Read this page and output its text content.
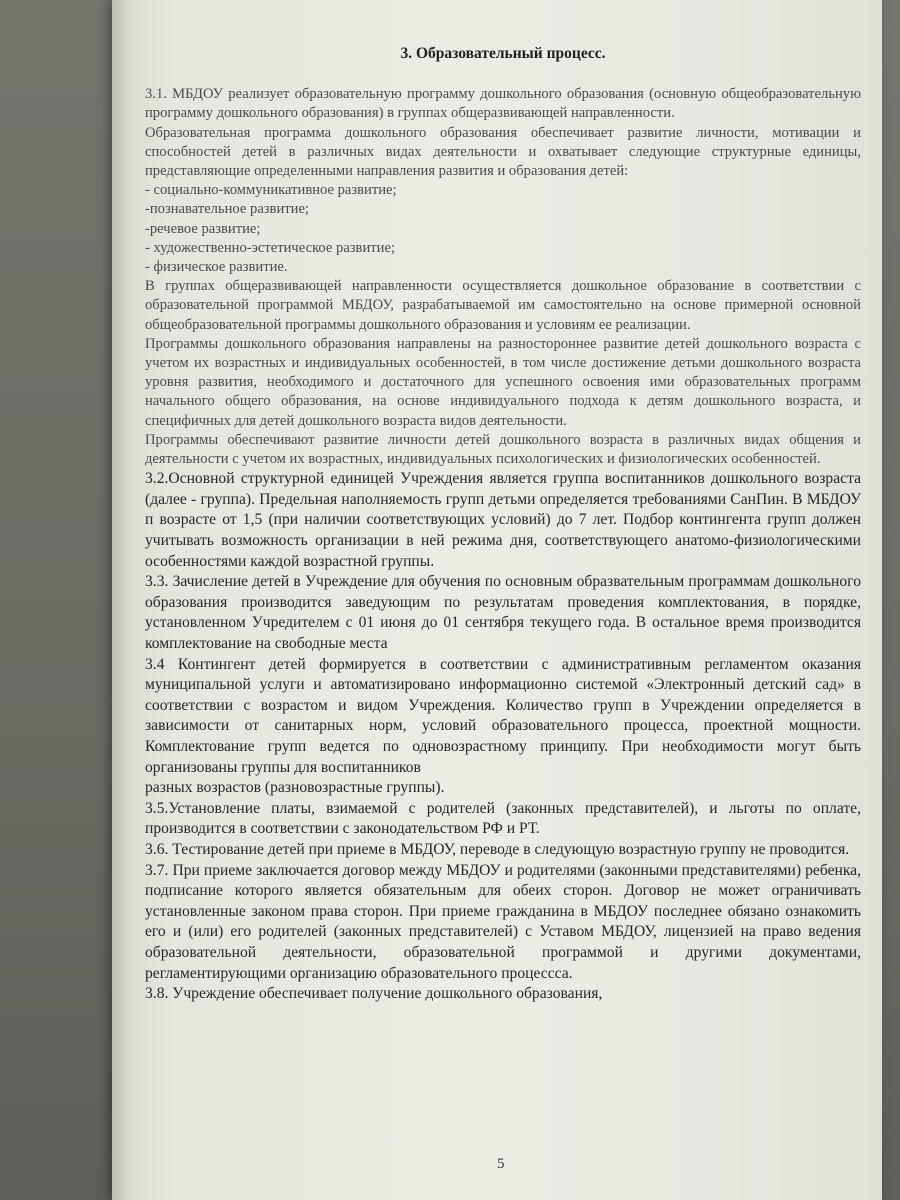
3. Образовательный процесс.

3.1. МБДОУ реализует образовательную программу дошкольного образования (основную общеобразовательную программу дошкольного образования) в группах общеразвивающей направленности.

Образовательная программа дошкольного образования обеспечивает развитие личности, мотивации и способностей детей в различных видах деятельности и охватывает следующие структурные единицы, представляющие определенными направления развития и образования детей:

- социально-коммуникативное развитие;
-познавательное развитие;
-речевое развитие;
- художественно-эстетическое развитие;
- физическое развитие.

В группах общеразвивающей направленности осуществляется дошкольное образование в соответствии с образовательной программой МБДОУ, разрабатываемой им самостоятельно на основе примерной основной общеобразовательной программы дошкольного образования и условиям ее реализации.

Программы дошкольного образования направлены на разностороннее развитие детей дошкольного возраста с учетом их возрастных и индивидуальных особенностей, в том числе достижение детьми дошкольного возраста уровня развития, необходимого и достаточного для успешного освоения ими образовательных программ начального общего образования, на основе индивидуального подхода к детям дошкольного возраста, и специфичных для детей дошкольного возраста видов деятельности.

Программы обеспечивают развитие личности детей дошкольного возраста в различных видах общения и деятельности с учетом их возрастных, индивидуальных психологических и физиологических особенностей.

3.2.Основной структурной единицей Учреждения является группа воспитанников дошкольного возраста (далее - группа). Предельная наполняемость групп детьми определяется требованиями СанПин. В МБДОУ п возрасте от 1,5 (при наличии соответствующих условий) до 7 лет. Подбор контингента групп должен учитывать возможность организации в ней режима дня, соответствующего анатомо-физиологическими особенностями каждой возрастной группы.

3.3. Зачисление детей в Учреждение для обучения по основным образвательным программам дошкольного образования производится заведующим по результатам проведения комплектования, в порядке, установленном Учредителем с 01 июня до 01 сентября текущего года. В остальное время производится комплектование на свободные места

3.4 Контингент детей формируется в соответствии с административным регламентом оказания муниципальной услуги и автоматизировано информационно системой «Электронный детский сад» в соответствии с возрастом и видом Учреждения. Количество групп в Учреждении определяется в зависимости от санитарных норм, условий образовательного процесса, проектной мощности. Комплектование групп ведется по одновозрастному принципу. При необходимости могут быть организованы группы для воспитанников

разных возрастов (разновозрастные группы).

3.5.Установление платы, взимаемой с родителей (законных представителей), и льготы по оплате, производится в соответствии с законодательством РФ и РТ.

3.6. Тестирование детей при приеме в МБДОУ, переводе в следующую возрастную группу не проводится.

3.7. При приеме заключается договор между МБДОУ и родителями (законными представителями) ребенка, подписание которого является обязательным для обеих сторон. Договор не может ограничивать установленные законом права сторон. При приеме гражданина в МБДОУ последнее обязано ознакомить его и (или) его родителей (законных представителей) с Уставом МБДОУ, лицензией на право ведения образовательной деятельности, образовательной программой и другими документами, регламентирующими организацию образовательного процессса.

3.8. Учреждение обеспечивает получение дошкольного образования,

5
